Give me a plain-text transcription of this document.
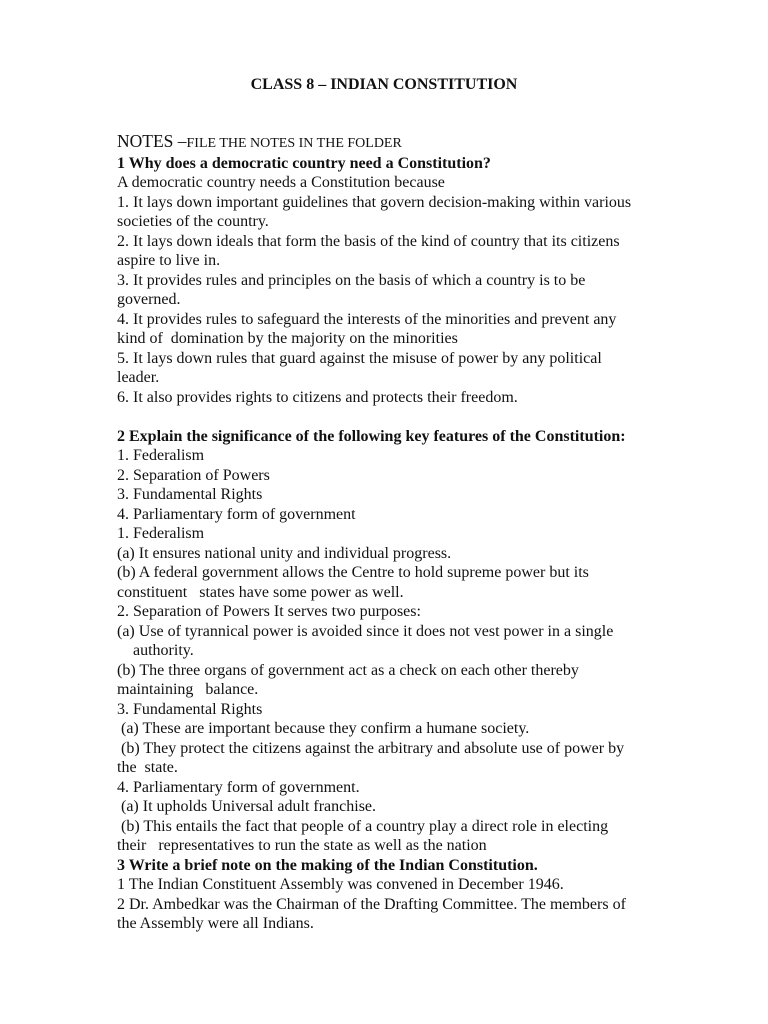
CLASS 8 – INDIAN CONSTITUTION
NOTES –FILE THE NOTES IN THE FOLDER
1 Why does a democratic country need a Constitution?
A democratic country needs a Constitution because
1. It lays down important guidelines that govern decision-making within various
societies of the country.
2. It lays down ideals that form the basis of the kind of country that its citizens
aspire to live in.
3. It provides rules and principles on the basis of which a country is to be
governed.
4. It provides rules to safeguard the interests of the minorities and prevent any
kind of  domination by the majority on the minorities
5. It lays down rules that guard against the misuse of power by any political
leader.
6. It also provides rights to citizens and protects their freedom.
2 Explain the significance of the following key features of the Constitution:
1. Federalism
2. Separation of Powers
3. Fundamental Rights
4. Parliamentary form of government
1. Federalism
(a) It ensures national unity and individual progress.
(b) A federal government allows the Centre to hold supreme power but its
constituent   states have some power as well.
2. Separation of Powers It serves two purposes:
(a) Use of tyrannical power is avoided since it does not vest power in a single
authority.
(b) The three organs of government act as a check on each other thereby
maintaining   balance.
3. Fundamental Rights
(a) These are important because they confirm a humane society.
(b) They protect the citizens against the arbitrary and absolute use of power by
the  state.
4. Parliamentary form of government.
(a) It upholds Universal adult franchise.
(b) This entails the fact that people of a country play a direct role in electing
their   representatives to run the state as well as the nation
3 Write a brief note on the making of the Indian Constitution.
1 The Indian Constituent Assembly was convened in December 1946.
2 Dr. Ambedkar was the Chairman of the Drafting Committee. The members of
the Assembly were all Indians.
